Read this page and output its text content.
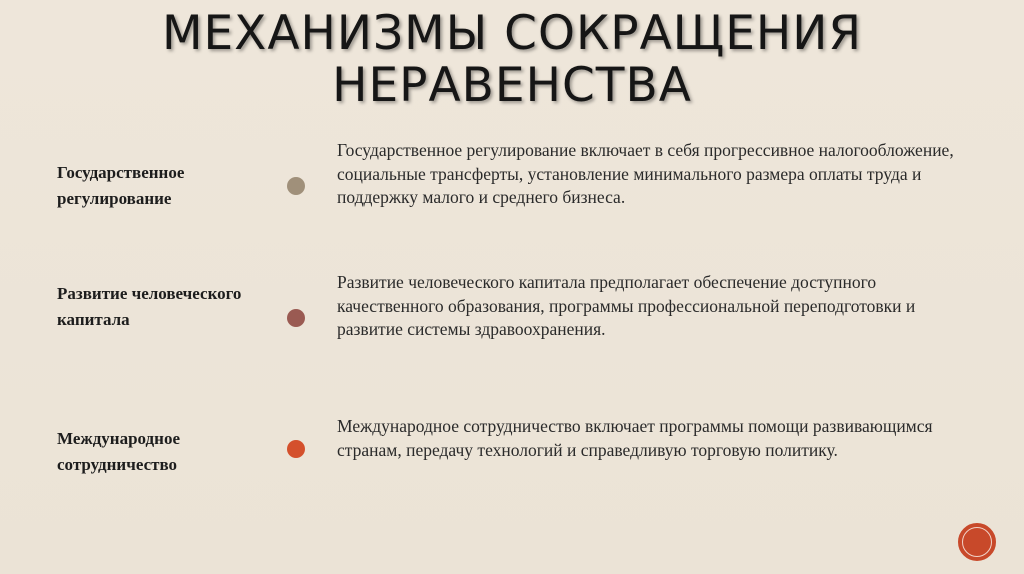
МЕХАНИЗМЫ СОКРАЩЕНИЯ
НЕРАВЕНСТВА
Государственное регулирование
Государственное регулирование включает в себя прогрессивное налогообложение, социальные трансферты, установление минимального размера оплаты труда и поддержку малого и среднего бизнеса.
Развитие человеческого капитала
Развитие человеческого капитала предполагает обеспечение доступного качественного образования, программы профессиональной переподготовки и развитие системы здравоохранения.
Международное сотрудничество
Международное сотрудничество включает программы помощи развивающимся странам, передачу технологий и справедливую торговую политику.
